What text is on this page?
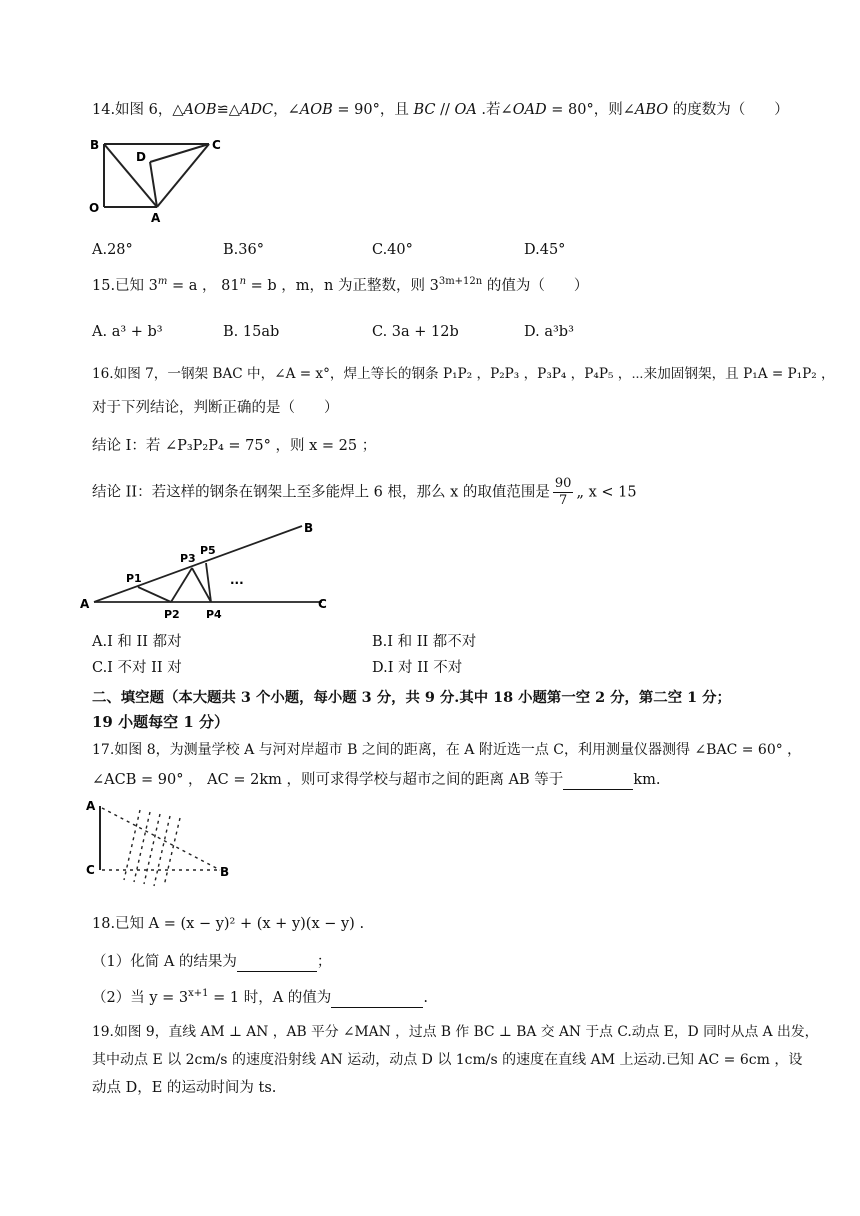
14.如图 6，△AOB≌△ADC，∠AOB = 90°，且 BC // OA .若∠OAD = 80°，则∠ABO 的度数为（　　）
B	C
D
O
A
A.28°	B.36°	C.40°	D.45°
15.已知 $3^m = a$ ， $81^n = b$ ，m，n 为正整数，则 $3^{3m+12n}$ 的值为（　　）
A. a³ + b³	B. 15ab	C. 3a + 12b	D. a³b³
16.如图 7，一钢架 BAC 中，∠A = x°，焊上等长的钢条 P₁P₂ ，P₂P₃ ，P₃P₄ ，P₄P₅ ，⋯来加固钢架，且 P₁A = P₁P₂ ，
对于下列结论，判断正确的是（　　）
结论 I：若 ∠P₃P₂P₄ = 75° ，则 x = 25 ；
结论 II：若这样的钢条在钢架上至多能焊上 6 根，那么 x 的取值范围是 $\frac{90}{7}$ „ x < 15
B
P5
P3
P1
A
P2 P4
C
...
A.I 和 II 都对	B.I 和 II 都不对
C.I 不对 II 对	D.I 对 II 不对
二、填空题（本大题共 3 个小题，每小题 3 分，共 9 分.其中 18 小题第一空 2 分，第二空 1 分；
19 小题每空 1 分）
17.如图 8，为测量学校 A 与河对岸超市 B 之间的距离，在 A 附近选一点 C，利用测量仪器测得 ∠BAC = 60° ，
∠ACB = 90° ， AC = 2km ，则可求得学校与超市之间的距离 AB 等于	km.
A
C	B
18.已知 A = (x − y)² + (x + y)(x − y) .
（1）化简 A 的结果为	；
（2）当 $y = 3^{x+1} = 1$ 时，A 的值为	.
19.如图 9，直线 AM ⊥ AN ，AB 平分 ∠MAN ，过点 B 作 BC ⊥ BA 交 AN 于点 C.动点 E，D 同时从点 A 出发，
其中动点 E 以 2cm/s 的速度沿射线 AN 运动，动点 D 以 1cm/s 的速度在直线 AM 上运动.已知 AC = 6cm ，设
动点 D，E 的运动时间为 ts.
